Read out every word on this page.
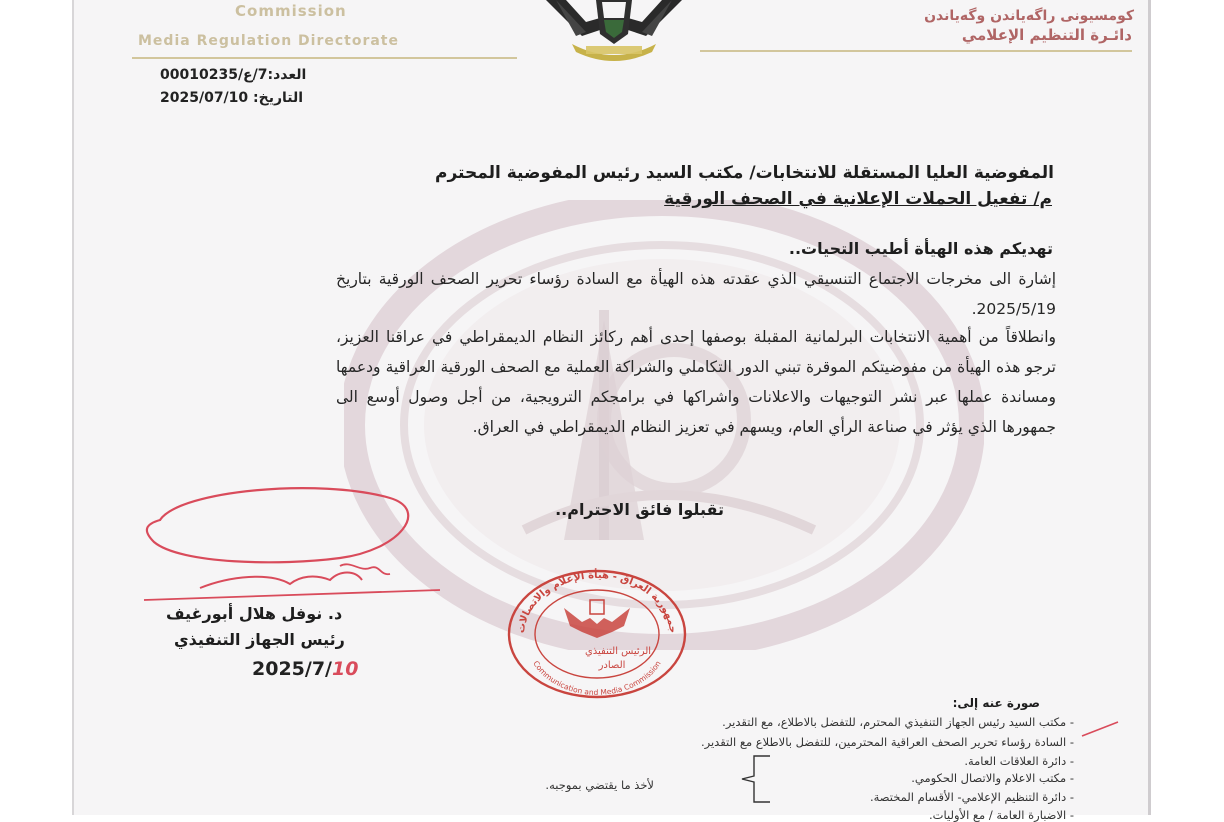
Commission
Media Regulation Directorate
کومسیونی راگەیاندن وگەیاندن
دائـرة التنظيم الإعلامي
العدد:7/ع/00010235
التاريخ: 2025/07/10
المفوضية العليا المستقلة للانتخابات/ مكتب السيد رئيس المفوضية المحترم
م/ تفعيل الحملات الإعلانية في الصحف الورقية
تهديكم هذه الهيأة أطيب التحيات..
إشارة الى مخرجات الاجتماع التنسيقي الذي عقدته هذه الهيأة مع السادة رؤساء تحرير الصحف الورقية بتاريخ 2025/5/19.
وانطلاقاً من أهمية الانتخابات البرلمانية المقبلة بوصفها إحدى أهم ركائز النظام الديمقراطي في عراقنا العزيز، ترجو هذه الهيأة من مفوضيتكم الموقرة تبني الدور التكاملي والشراكة العملية مع الصحف الورقية العراقية ودعمها ومساندة عملها عبر نشر التوجيهات والاعلانات واشراكها في برامجكم الترويجية، من أجل وصول أوسع الى جمهورها الذي يؤثر في صناعة الرأي العام، ويسهم في تعزيز النظام الديمقراطي في العراق.
تقبلوا فائق الاحترام..
د. نوفل هلال أبورغيف
رئيس الجهاز التنفيذي
2025/7/10
جمهورية العراق - هيأة الإعلام والاتصالات
Communication and Media Commission
الرئيس التنفيذي
الصادر
صورة عنه إلى:
- مكتب السيد رئيس الجهاز التنفيذي المحترم، للتفضل بالاطلاع، مع التقدير.
- السادة رؤساء تحرير الصحف العراقية المحترمين، للتفضل بالاطلاع مع التقدير.
- دائرة العلاقات العامة.
- مكتب الاعلام والاتصال الحكومي.
- دائرة التنظيم الإعلامي- الأقسام المختصة.
- الاضبارة العامة / مع الأوليات.
لأخذ ما يقتضي بموجبه.
